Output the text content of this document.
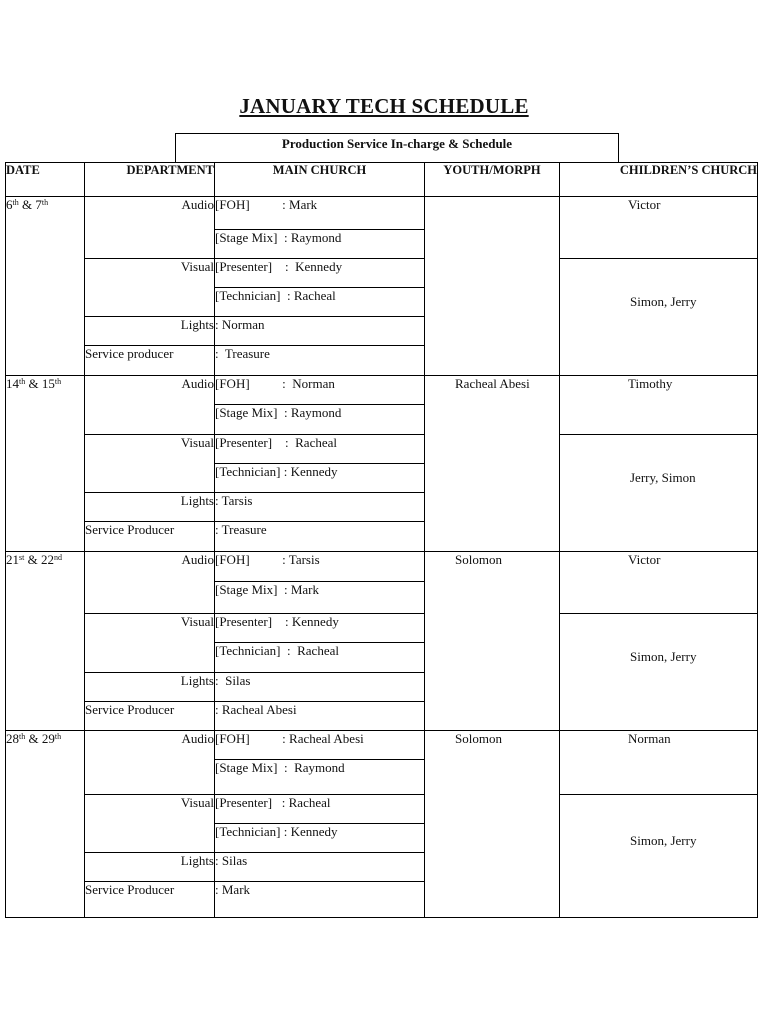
JANUARY TECH SCHEDULE
Production Service In-charge & Schedule
DATE	DEPARTMENT	MAIN CHURCH	YOUTH/MORPH	CHILDREN’S CHURCH
6th & 7th	Audio	[FOH]          : Mark		Victor
		[Stage Mix]  : Raymond		
	Visual	[Presenter]    :  Kennedy		Simon, Jerry
		[Technician]  : Racheal		
	Lights	: Norman		
	Service producer	:  Treasure		
14th & 15th	Audio	[FOH]          :  Norman	Racheal Abesi	Timothy
		[Stage Mix]  : Raymond		
	Visual	[Presenter]    :  Racheal		Jerry, Simon
		[Technician] : Kennedy		
	Lights	: Tarsis		
	Service Producer	: Treasure		
21st & 22nd	Audio	[FOH]          : Tarsis	Solomon	Victor
		[Stage Mix]  : Mark		
	Visual	[Presenter]    : Kennedy		Simon, Jerry
		[Technician]  :  Racheal		
	Lights	:  Silas		
	Service Producer	: Racheal Abesi		
28th & 29th	Audio	[FOH]          : Racheal Abesi	Solomon	Norman
		[Stage Mix]  :  Raymond		
	Visual	[Presenter]   : Racheal		Simon, Jerry
		[Technician] : Kennedy		
	Lights	: Silas		
	Service Producer	: Mark		
